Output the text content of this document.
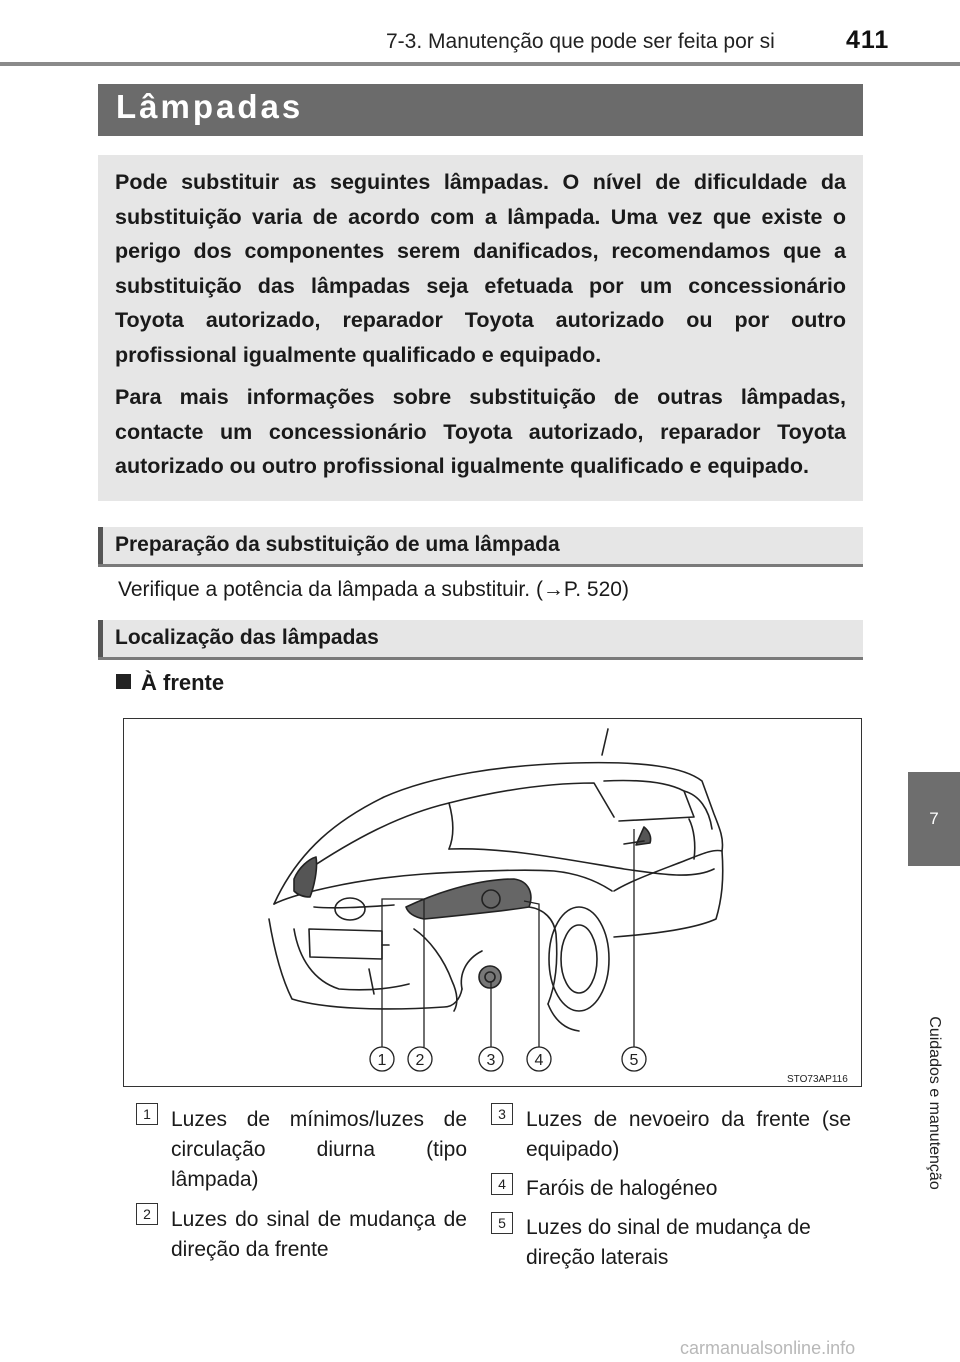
7-3. Manutenção que pode ser feita por si	411
7
Cuidados e manutenção
Lâmpadas

Pode substituir as seguintes lâmpadas. O nível de dificuldade da substituição varia de acordo com a lâmpada. Uma vez que existe o perigo dos componentes serem danificados, recomendamos que a substituição das lâmpadas seja efetuada por um concessionário Toyota autorizado, reparador Toyota autorizado ou por outro profissional igualmente qualificado e equipado.

Para mais informações sobre substituição de outras lâmpadas, contacte um concessionário Toyota autorizado, reparador Toyota autorizado ou outro profissional igualmente qualificado e equipado.

Preparação da substituição de uma lâmpada
Verifique a potência da lâmpada a substituir. (→P. 520)
Localização das lâmpadas
À frente
1 2	3 4	5
STO73AP116
1 Luzes de mínimos/luzes de circulação diurna (tipo lâmpada)
2 Luzes do sinal de mudança de direção da frente
3 Luzes de nevoeiro da frente (se equipado)
4 Faróis de halogéneo
5 Luzes do sinal de mudança de direção laterais
carmanualsonline.info
